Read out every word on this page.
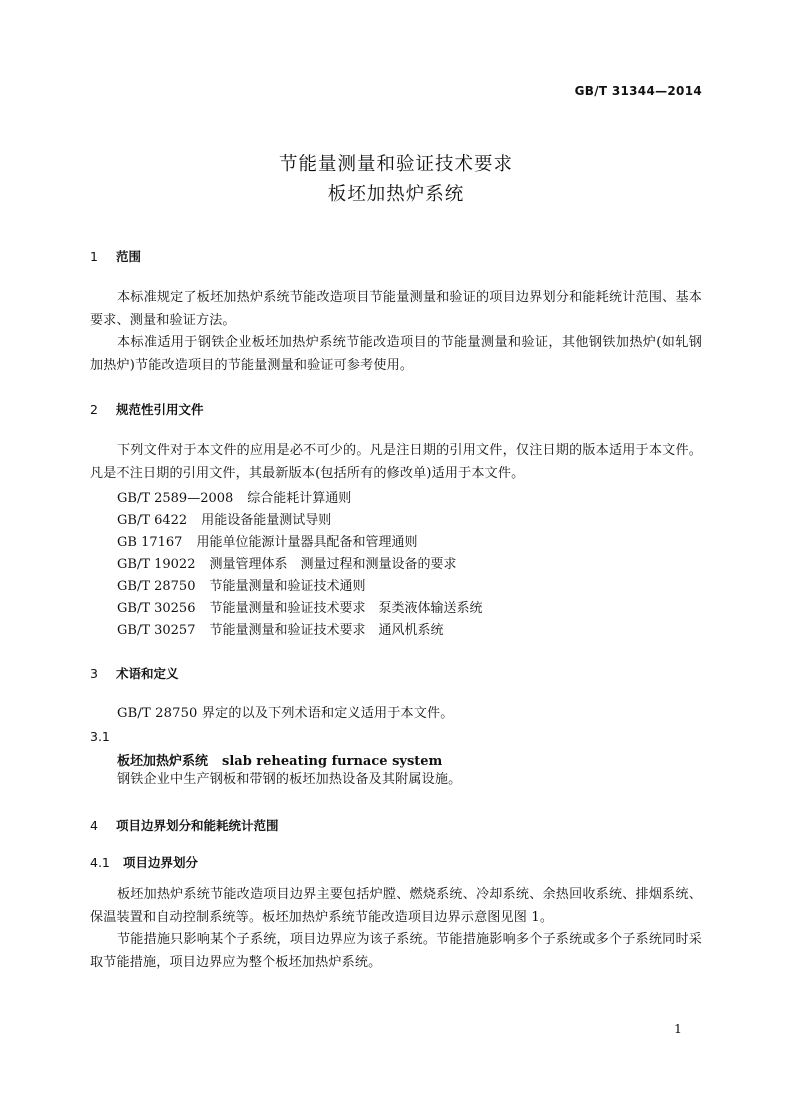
GB/T 31344—2014
节能量测量和验证技术要求
板坯加热炉系统
1 范围
本标准规定了板坯加热炉系统节能改造项目节能量测量和验证的项目边界划分和能耗统计范围、基本要求、测量和验证方法。
本标准适用于钢铁企业板坯加热炉系统节能改造项目的节能量测量和验证，其他钢铁加热炉(如轧钢加热炉)节能改造项目的节能量测量和验证可参考使用。
2 规范性引用文件
下列文件对于本文件的应用是必不可少的。凡是注日期的引用文件，仅注日期的版本适用于本文件。凡是不注日期的引用文件，其最新版本(包括所有的修改单)适用于本文件。
GB/T 2589—2008 综合能耗计算通则
GB/T 6422 用能设备能量测试导则
GB 17167 用能单位能源计量器具配备和管理通则
GB/T 19022 测量管理体系　测量过程和测量设备的要求
GB/T 28750 节能量测量和验证技术通则
GB/T 30256 节能量测量和验证技术要求　泵类液体输送系统
GB/T 30257 节能量测量和验证技术要求　通风机系统
3 术语和定义
GB/T 28750 界定的以及下列术语和定义适用于本文件。
3.1
板坯加热炉系统 slab reheating furnace system
钢铁企业中生产钢板和带钢的板坯加热设备及其附属设施。
4 项目边界划分和能耗统计范围
4.1 项目边界划分
板坯加热炉系统节能改造项目边界主要包括炉膛、燃烧系统、冷却系统、余热回收系统、排烟系统、保温装置和自动控制系统等。板坯加热炉系统节能改造项目边界示意图见图 1。
节能措施只影响某个子系统，项目边界应为该子系统。节能措施影响多个子系统或多个子系统同时采取节能措施，项目边界应为整个板坯加热炉系统。
1
